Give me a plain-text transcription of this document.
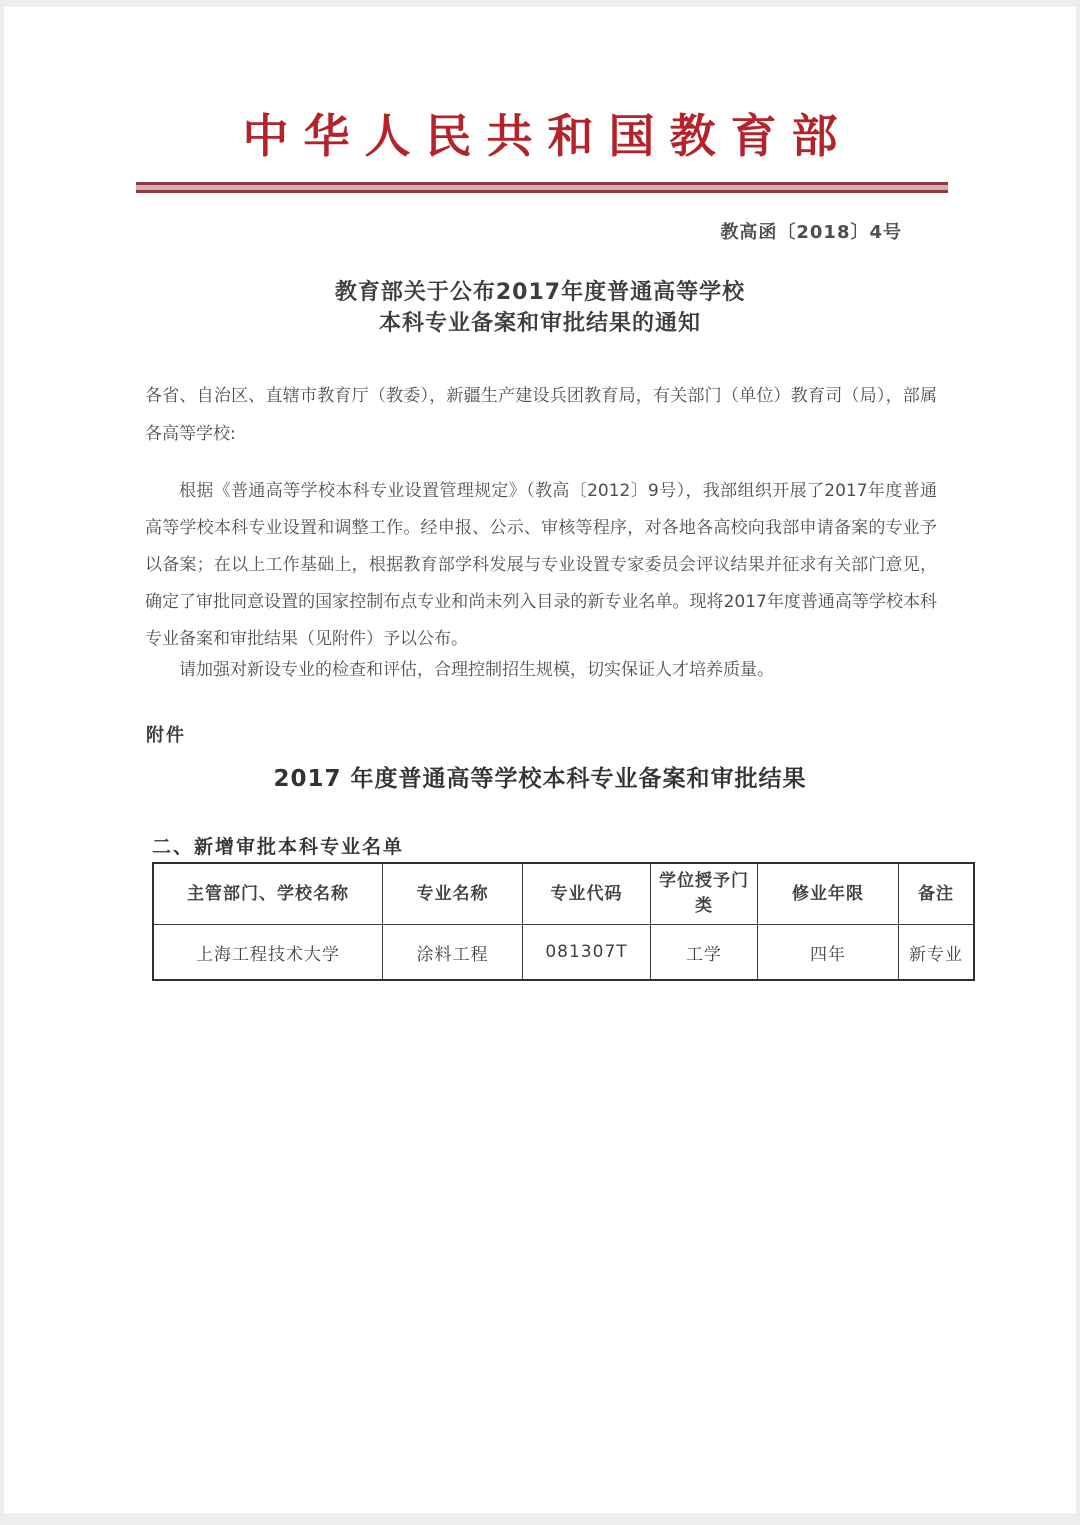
中华人民共和国教育部
教高函〔2018〕4号
教育部关于公布2017年度普通高等学校
本科专业备案和审批结果的通知

各省、自治区、直辖市教育厅（教委），新疆生产建设兵团教育局，有关部门（单位）教育司（局），部属各高等学校:

根据《普通高等学校本科专业设置管理规定》（教高〔2012〕9号），我部组织开展了2017年度普通高等学校本科专业设置和调整工作。经申报、公示、审核等程序，对各地各高校向我部申请备案的专业予以备案；在以上工作基础上，根据教育部学科发展与专业设置专家委员会评议结果并征求有关部门意见，确定了审批同意设置的国家控制布点专业和尚未列入目录的新专业名单。现将2017年度普通高等学校本科专业备案和审批结果（见附件）予以公布。

请加强对新设专业的检查和评估，合理控制招生规模，切实保证人才培养质量。

附件
2017 年度普通高等学校本科专业备案和审批结果
二、新增审批本科专业名单
主管部门、学校名称	专业名称	专业代码	学位授予门类	修业年限	备注
上海工程技术大学	涂料工程	081307T	工学	四年	新专业
